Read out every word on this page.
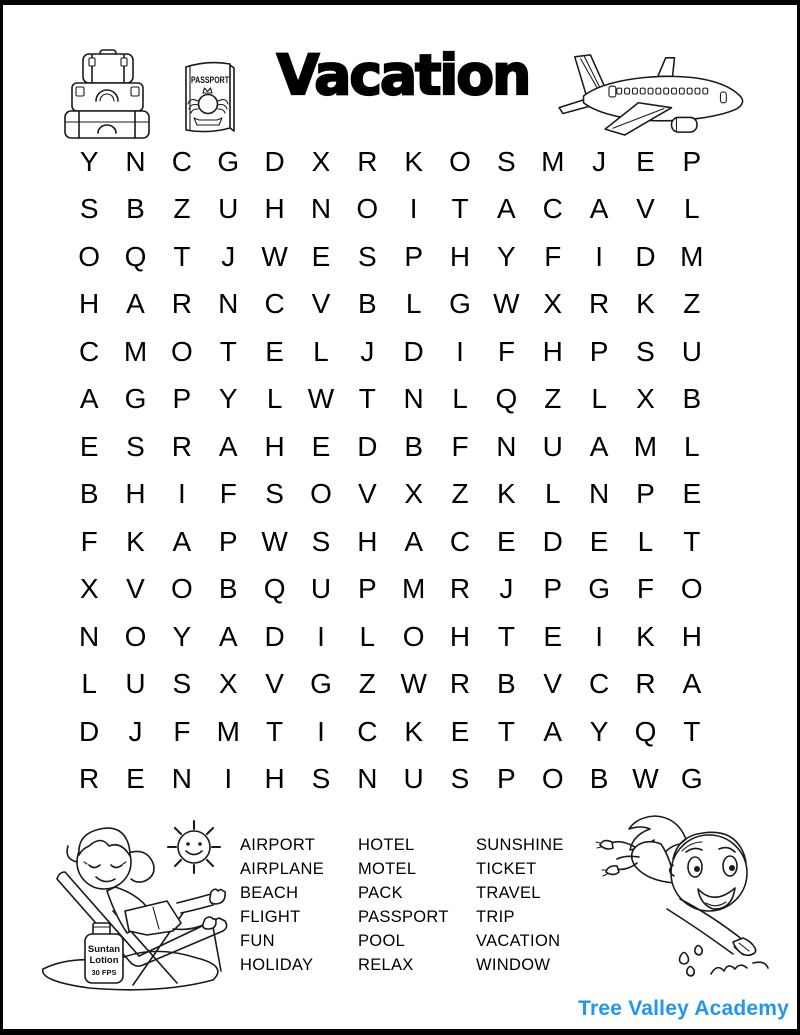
PASSPORT Vacation
Y N C G D X R K O S M J E P
S B Z U H N O I T A C A V L
O Q T J W E S P H Y F I D M
H A R N C V B L G W X R K Z
C M O T E L J D I F H P S U
A G P Y L W T N L Q Z L X B
E S R A H E D B F N U A M L
B H I F S O V X Z K L N P E
F K A P W S H A C E D E L T
X V O B Q U P M R J P G F O
N O Y A D I L O H T E I K H
L U S X V G Z W R B V C R A
D J F M T I C K E T A Y Q T
R E N I H S N U S P O B W G
AIRPORT
AIRPLANE
BEACH
FLIGHT
FUN
HOLIDAY
HOTEL
MOTEL
PACK
PASSPORT
POOL
RELAX
SUNSHINE
TICKET
TRAVEL
TRIP
VACATION
WINDOW
Suntan
Lotion
30 FPS
Tree Valley Academy
